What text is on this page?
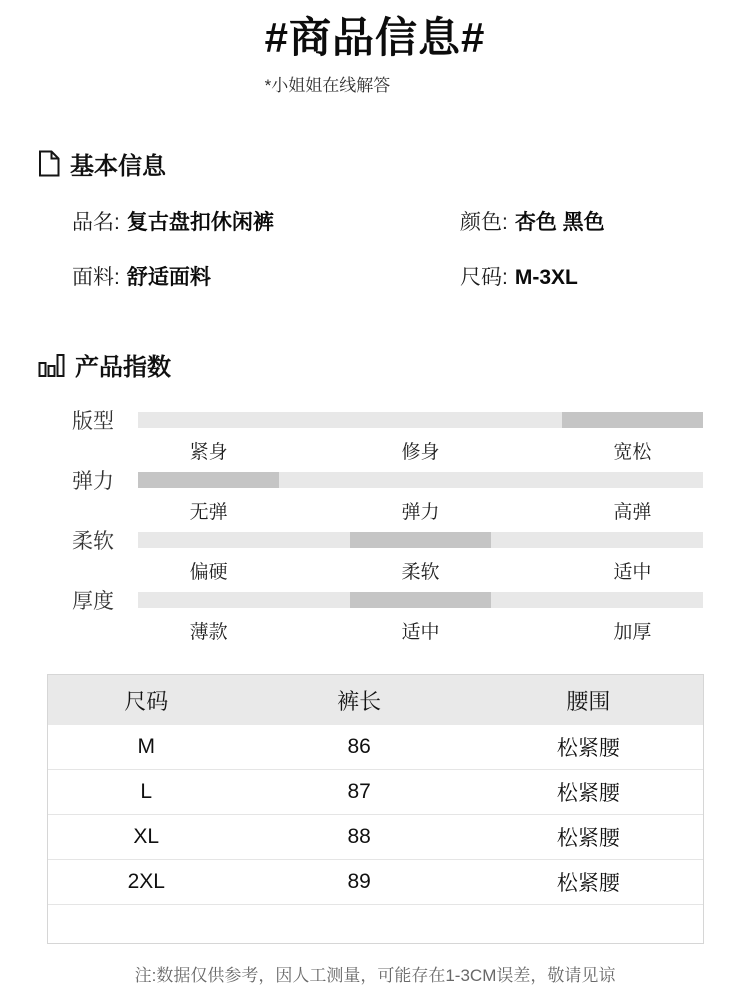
#商品信息#
*小姐姐在线解答
基本信息
品名: 复古盘扣休闲裤	颜色: 杏色 黑色
面料: 舒适面料	尺码: M-3XL
产品指数
版型
紧身	修身	宽松
弹力
无弹	弹力	高弹
柔软
偏硬	柔软	适中
厚度
薄款	适中	加厚
尺码	裤长	腰围
M	86	松紧腰
L	87	松紧腰
XL	88	松紧腰
2XL	89	松紧腰
注:数据仅供参考，因人工测量，可能存在1-3CM误差，敬请见谅
